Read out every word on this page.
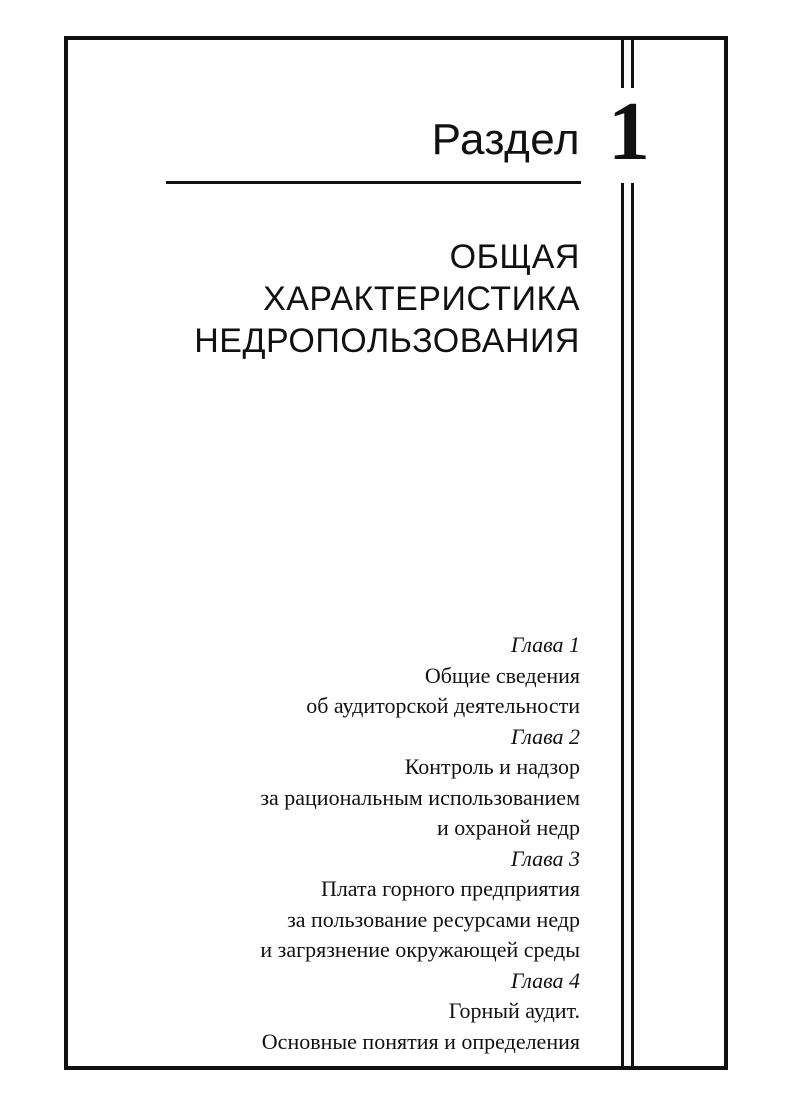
Раздел 1
ОБЩАЯ
ХАРАКТЕРИСТИКА
НЕДРОПОЛЬЗОВАНИЯ
Глава 1
Общие сведения
об аудиторской деятельности
Глава 2
Контроль и надзор
за рациональным использованием
и охраной недр
Глава 3
Плата горного предприятия
за пользование ресурсами недр
и загрязнение окружающей среды
Глава 4
Горный аудит.
Основные понятия и определения
